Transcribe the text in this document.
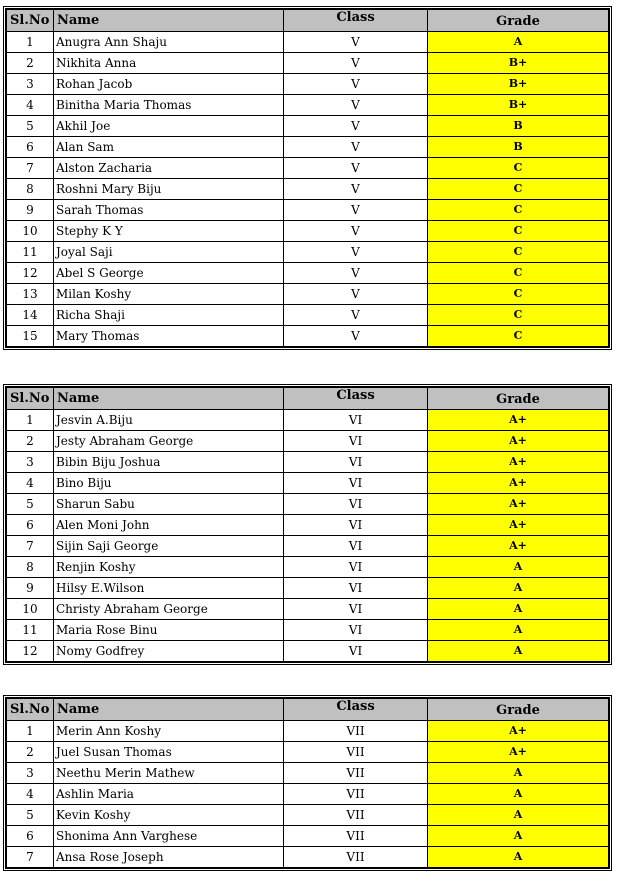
Sl.No	Name	Class	Grade
1	Anugra Ann Shaju	V	A
2	Nikhita Anna	V	B+
3	Rohan Jacob	V	B+
4	Binitha Maria Thomas	V	B+
5	Akhil Joe	V	B
6	Alan Sam	V	B
7	Alston Zacharia	V	C
8	Roshni Mary Biju	V	C
9	Sarah Thomas	V	C
10	Stephy K Y	V	C
11	Joyal Saji	V	C
12	Abel S George	V	C
13	Milan Koshy	V	C
14	Richa Shaji	V	C
15	Mary Thomas	V	C
Sl.No	Name	Class	Grade
1	Jesvin A.Biju	VI	A+
2	Jesty Abraham George	VI	A+
3	Bibin Biju Joshua	VI	A+
4	Bino Biju	VI	A+
5	Sharun Sabu	VI	A+
6	Alen Moni John	VI	A+
7	Sijin Saji George	VI	A+
8	Renjin Koshy	VI	A
9	Hilsy E.Wilson	VI	A
10	Christy Abraham George	VI	A
11	Maria Rose Binu	VI	A
12	Nomy Godfrey	VI	A
Sl.No	Name	Class	Grade
1	Merin Ann Koshy	VII	A+
2	Juel Susan Thomas	VII	A+
3	Neethu Merin Mathew	VII	A
4	Ashlin Maria	VII	A
5	Kevin Koshy	VII	A
6	Shonima Ann Varghese	VII	A
7	Ansa Rose Joseph	VII	A
